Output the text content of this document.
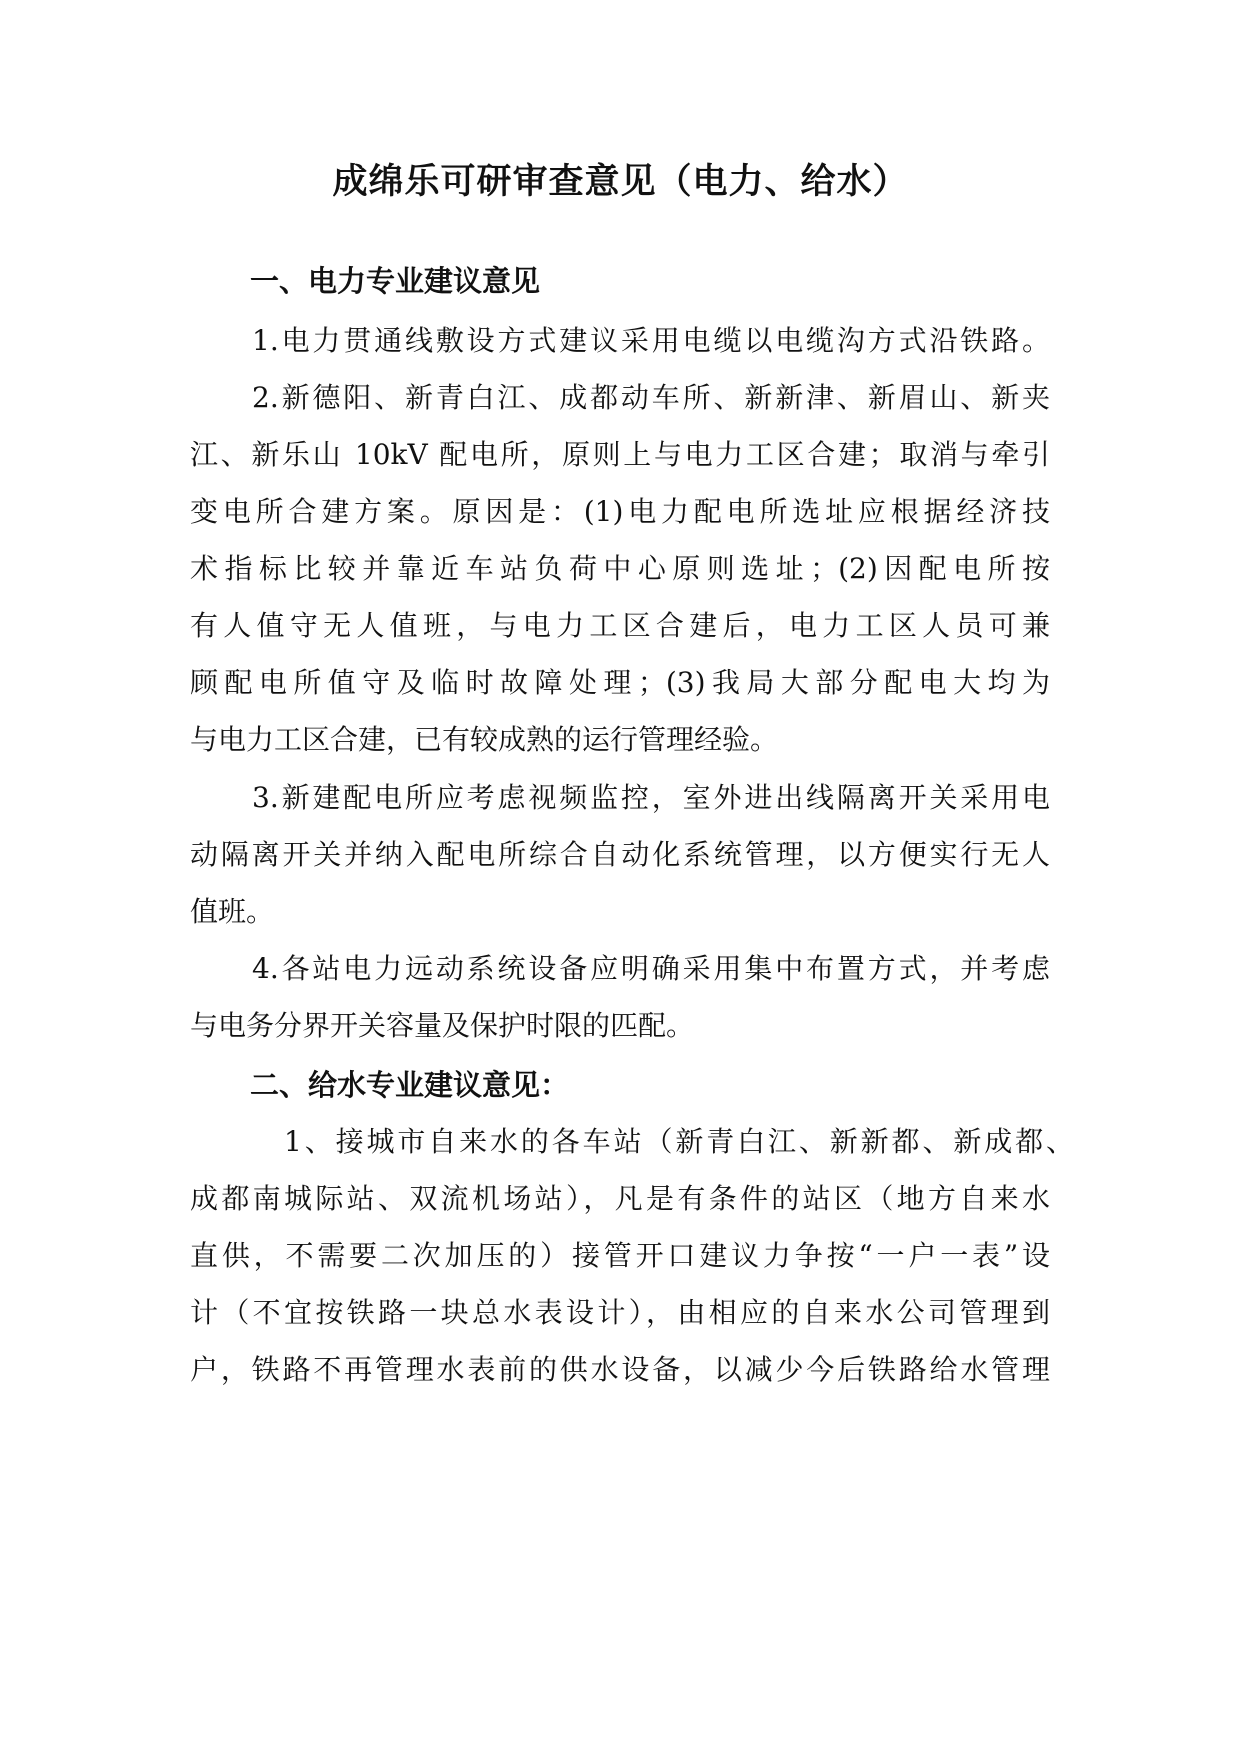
成绵乐可研审查意见（电力、给水）
一、电力专业建议意见

1.电力贯通线敷设方式建议采用电缆以电缆沟方式沿铁路。

2.新德阳、新青白江、成都动车所、新新津、新眉山、新夹

江、新乐山 10kV 配电所，原则上与电力工区合建；取消与牵引

变电所合建方案。原因是：(1)电力配电所选址应根据经济技

术指标比较并靠近车站负荷中心原则选址；(2)因配电所按

有人值守无人值班，与电力工区合建后，电力工区人员可兼

顾配电所值守及临时故障处理；(3)我局大部分配电大均为

与电力工区合建，已有较成熟的运行管理经验。

3.新建配电所应考虑视频监控，室外进出线隔离开关采用电

动隔离开关并纳入配电所综合自动化系统管理，以方便实行无人

值班。

4.各站电力远动系统设备应明确采用集中布置方式，并考虑

与电务分界开关容量及保护时限的匹配。

二、给水专业建议意见：

1、接城市自来水的各车站（新青白江、新新都、新成都、

成都南城际站、双流机场站），凡是有条件的站区（地方自来水

直供，不需要二次加压的）接管开口建议力争按“一户一表”设

计（不宜按铁路一块总水表设计），由相应的自来水公司管理到

户，铁路不再管理水表前的供水设备，以减少今后铁路给水管理
